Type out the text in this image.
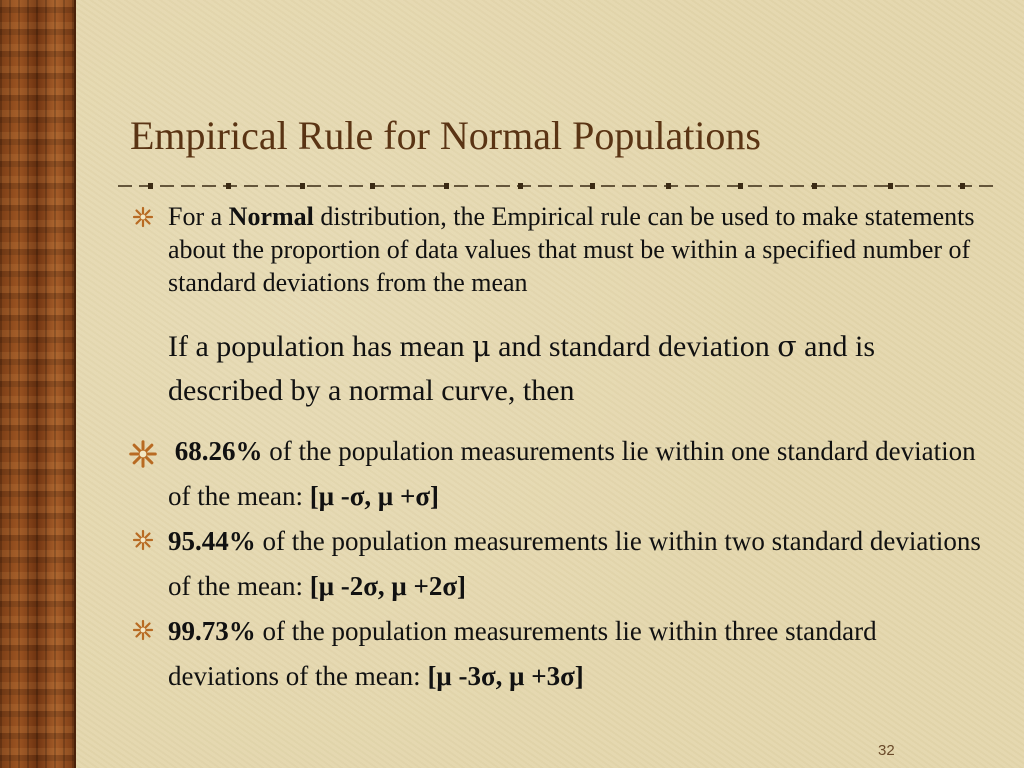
Empirical Rule for Normal Populations

For a Normal distribution, the Empirical rule can be used to make statements about the proportion of data values that must be within a specified number of standard deviations from the mean

If a population has mean μ and standard deviation σ and is described by a normal curve, then

68.26% of the population measurements lie within one standard deviation of the mean: [μ -σ, μ +σ]

95.44% of the population measurements lie within two standard deviations of the mean: [μ -2σ, μ +2σ]

99.73% of the population measurements lie within three standard deviations of the mean: [μ -3σ, μ +3σ]

32
